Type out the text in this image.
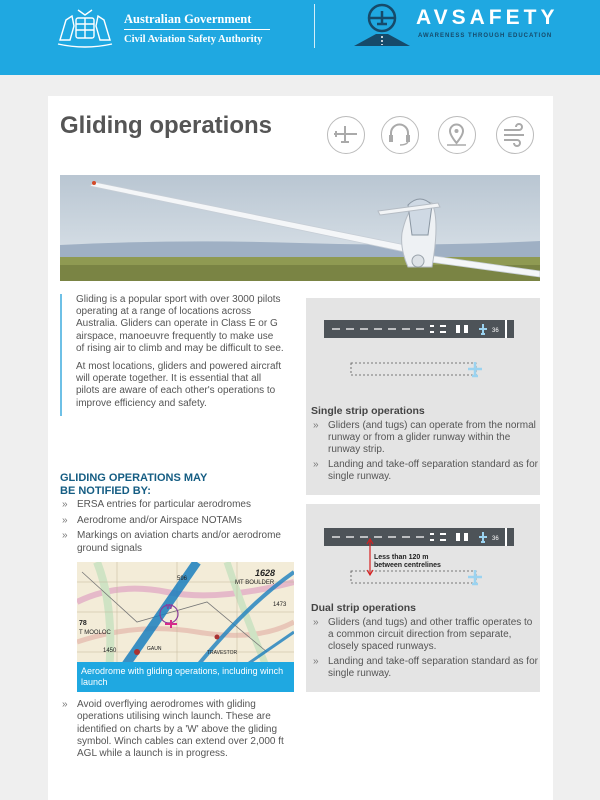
Australian Government
Civil Aviation Safety Authority
AVSAFETY
AWARENESS THROUGH EDUCATION
Gliding operations

Gliding is a popular sport with over 3000 pilots operating at a range of locations across Australia. Gliders can operate in Class E or G airspace, manoeuvre frequently to make use of rising air to climb and may be difficult to see.

At most locations, gliders and powered aircraft will operate together. It is essential that all pilots are aware of each other's operations to improve efficiency and safety.

GLIDING OPERATIONS MAY
BE NOTIFIED BY:
» ERSA entries for particular aerodromes
» Aerodrome and/or Airspace NOTAMs
» Markings on aviation charts and/or aerodrome ground signals
1628
MT BOULDER
596
1473
78
T MOOLOC
1450	GAUN
TRAVESTOR
W
Aerodrome with gliding operations, including winch launch
» Avoid overflying aerodromes with gliding operations utilising winch launch. These are identified on charts by a 'W' above the gliding symbol. Winch cables can extend over 2,000 ft AGL while a launch is in progress.
36
Single strip operations
» Gliders (and tugs) can operate from the normal runway or from a glider runway within the runway strip.
» Landing and take-off separation standard as for single runway.
36
Less than 120 m
between centrelines
Dual strip operations
» Gliders (and tugs) and other traffic operates to a common circuit direction from separate, closely spaced runways.
» Landing and take-off separation standard as for single runway.
